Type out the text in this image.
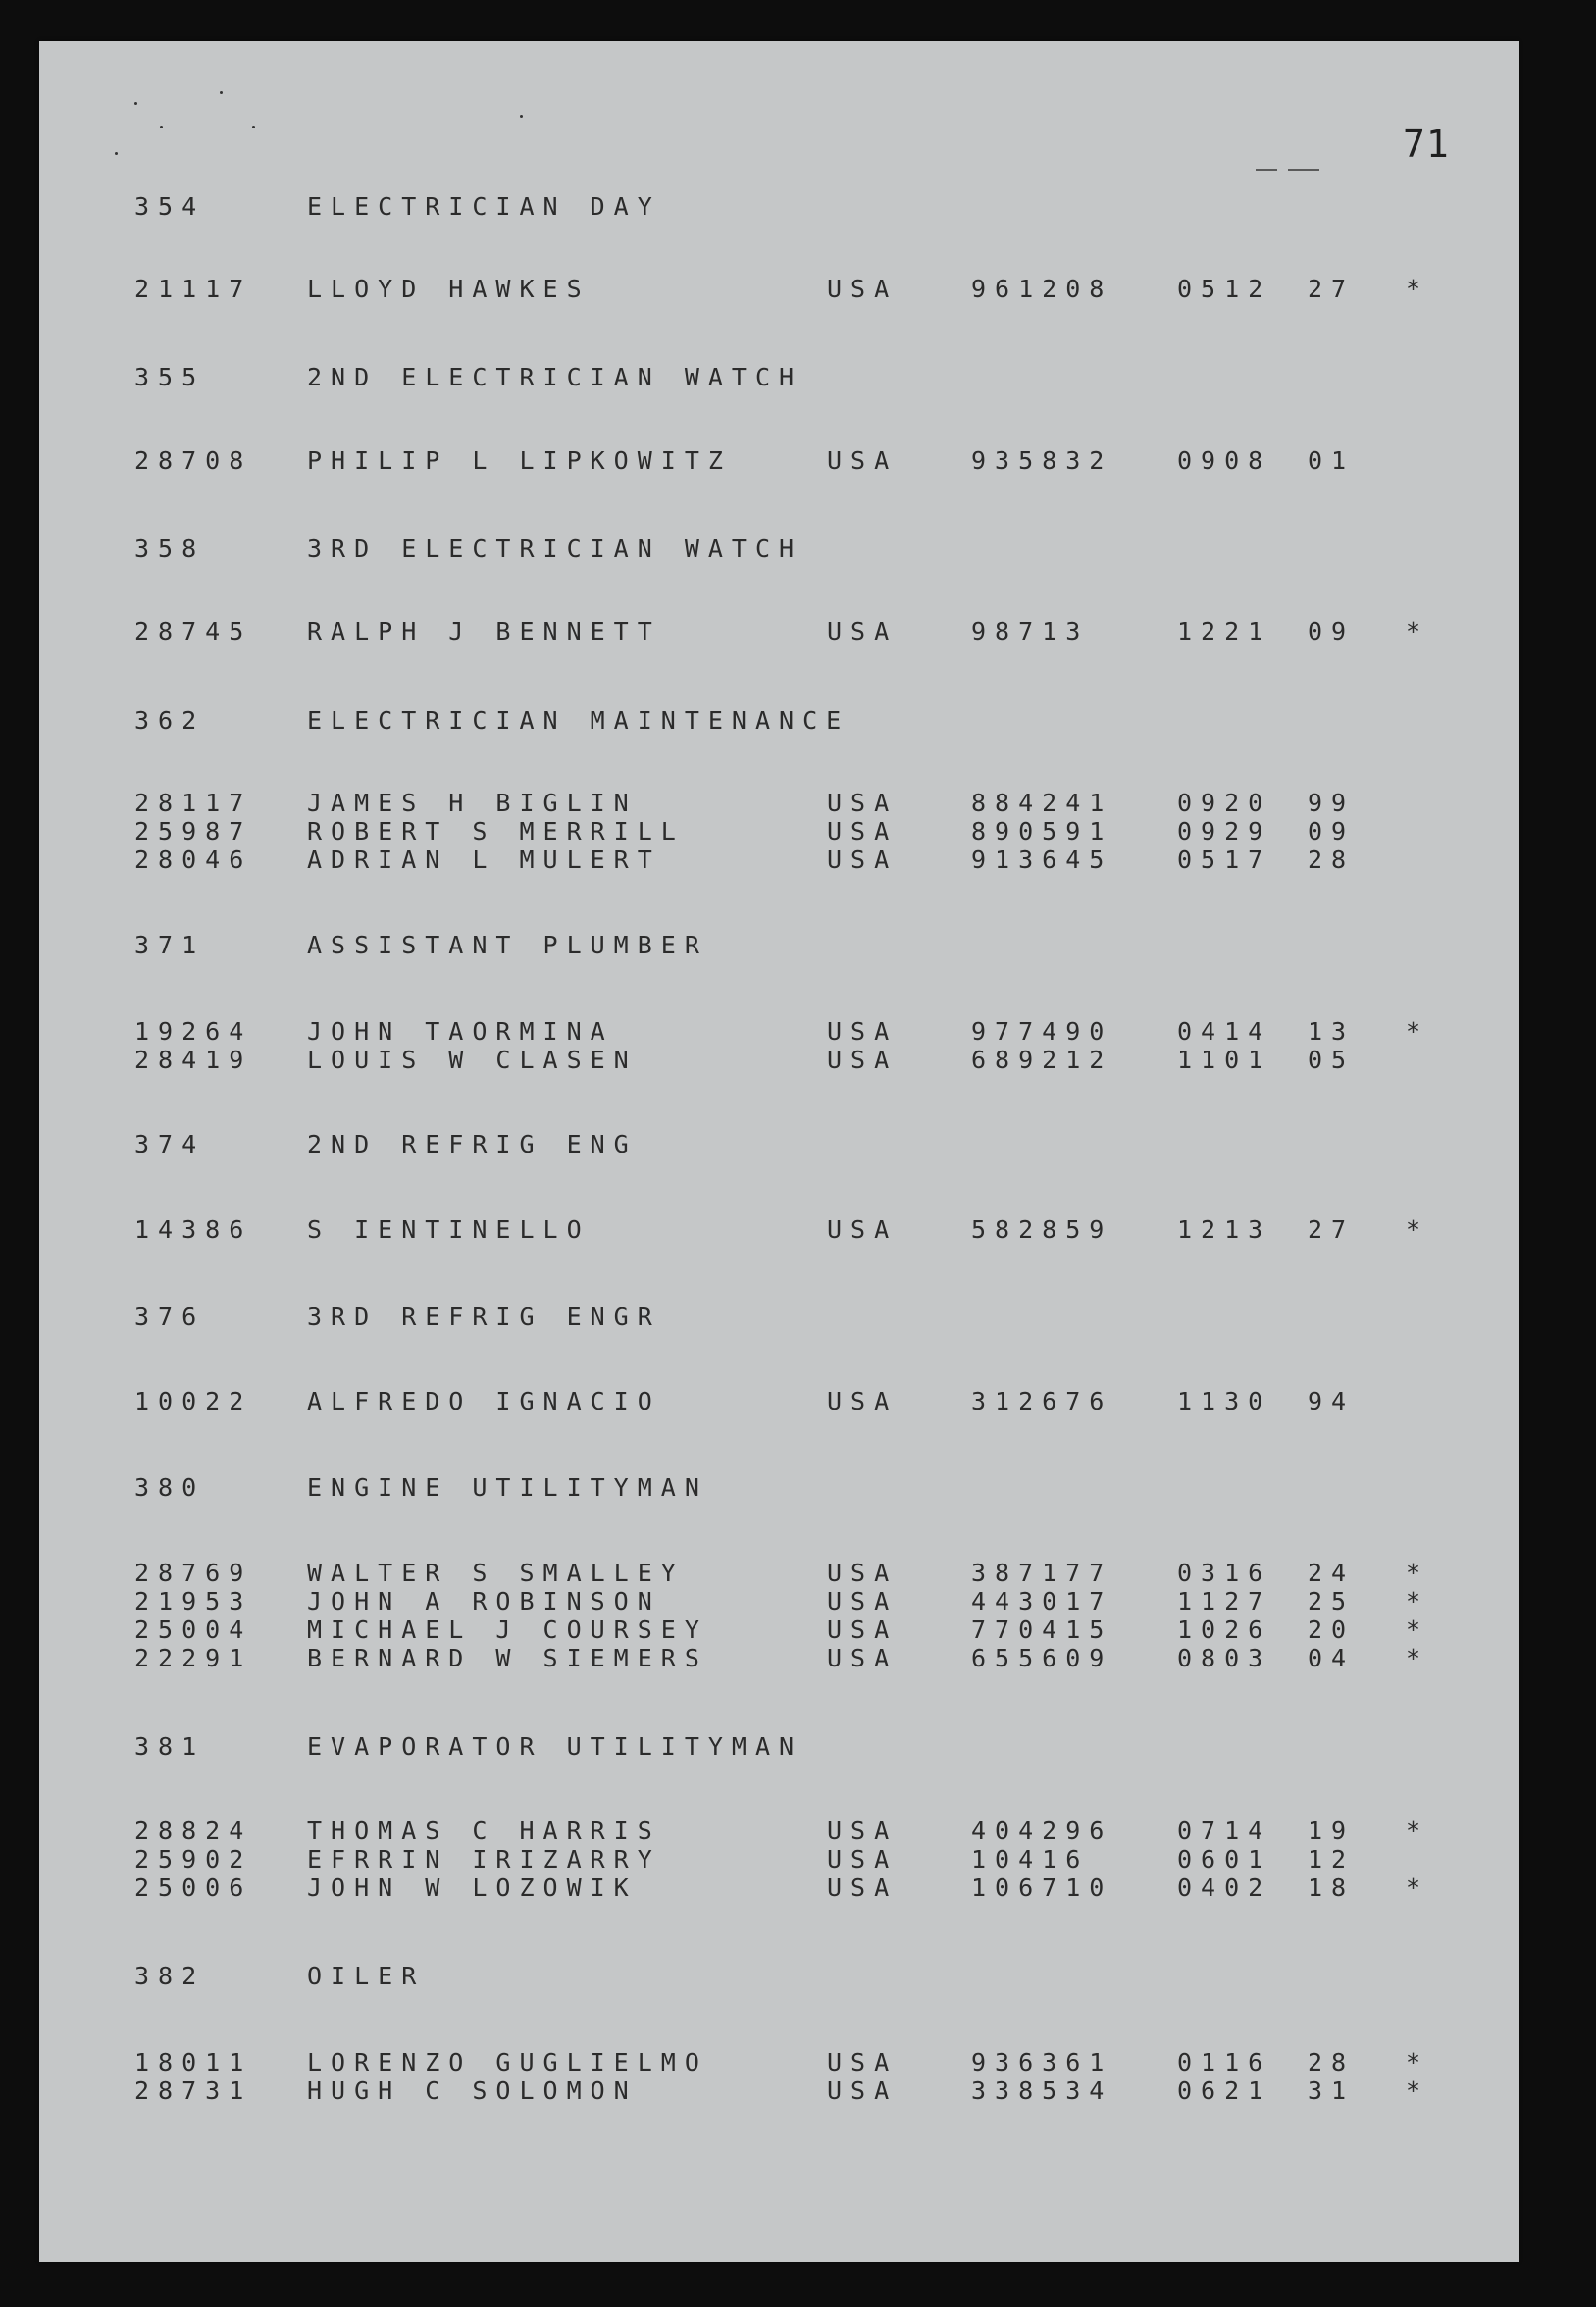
71
354	ELECTRICIAN DAY
21117 LLOYD HAWKES	USA	961208	0512 27 *
355	2ND ELECTRICIAN WATCH
28708 PHILIP L LIPKOWITZ	USA	935832	0908 01
358	3RD ELECTRICIAN WATCH
28745 RALPH J BENNETT	USA	98713	1221 09 *
362	ELECTRICIAN MAINTENANCE
28117 JAMES H BIGLIN	USA	884241	0920 99
25987 ROBERT S MERRILL	USA	890591	0929 09
28046 ADRIAN L MULERT	USA	913645	0517 28
371	ASSISTANT PLUMBER
19264 JOHN TAORMINA	USA	977490	0414 13 *
28419 LOUIS W CLASEN	USA	689212	1101 05
374	2ND REFRIG ENG
14386 S IENTINELLO	USA	582859	1213 27 *
376	3RD REFRIG ENGR
10022 ALFREDO IGNACIO	USA	312676	1130 94
380	ENGINE UTILITYMAN
28769 WALTER S SMALLEY	USA	387177	0316 24 *
21953 JOHN A ROBINSON	USA	443017	1127 25 *
25004 MICHAEL J COURSEY	USA	770415	1026 20 *
22291 BERNARD W SIEMERS	USA	655609	0803 04 *
381	EVAPORATOR UTILITYMAN
28824 THOMAS C HARRIS	USA	404296	0714 19 *
25902 EFRRIN IRIZARRY	USA	10416	0601 12
25006 JOHN W LOZOWIK	USA	106710	0402 18 *
382	OILER
18011 LORENZO GUGLIELMO	USA	936361	0116 28 *
28731 HUGH C SOLOMON	USA	338534	0621 31 *
